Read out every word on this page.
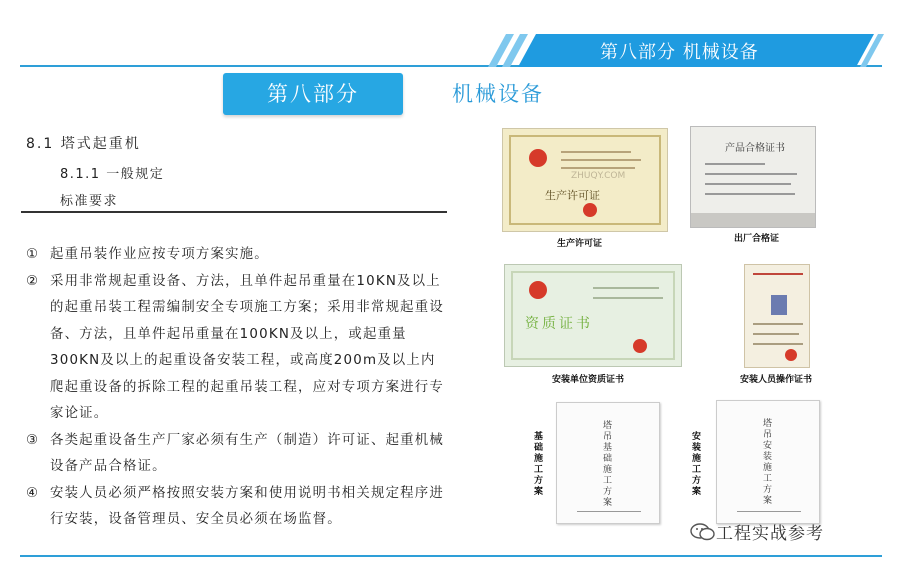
第八部分 机械设备
第八部分	机械设备
8.1 塔式起重机
8.1.1 一般规定
标准要求
① 起重吊装作业应按专项方案实施。
② 采用非常规起重设备、方法，且单件起吊重量在10KN及以上的起重吊装工程需编制安全专项施工方案；采用非常规起重设备、方法，且单件起吊重量在100KN及以上，或起重量300KN及以上的起重设备安装工程，或高度200m及以上内爬起重设备的拆除工程的起重吊装工程，应对专项方案进行专家论证。
③ 各类起重设备生产厂家必须有生产（制造）许可证、起重机械设备产品合格证。
④ 安装人员必须严格按照安装方案和使用说明书相关规定程序进行安装，设备管理员、安全员必须在场监督。
生产许可证
ZHUQY.COM
生产许可证
产品合格证书
出厂合格证
资质证书
安装单位资质证书	安装人员操作证书
塔吊基础施工方案
基础施工方案
塔吊安装施工方案
安装施工方案
工程实战参考
